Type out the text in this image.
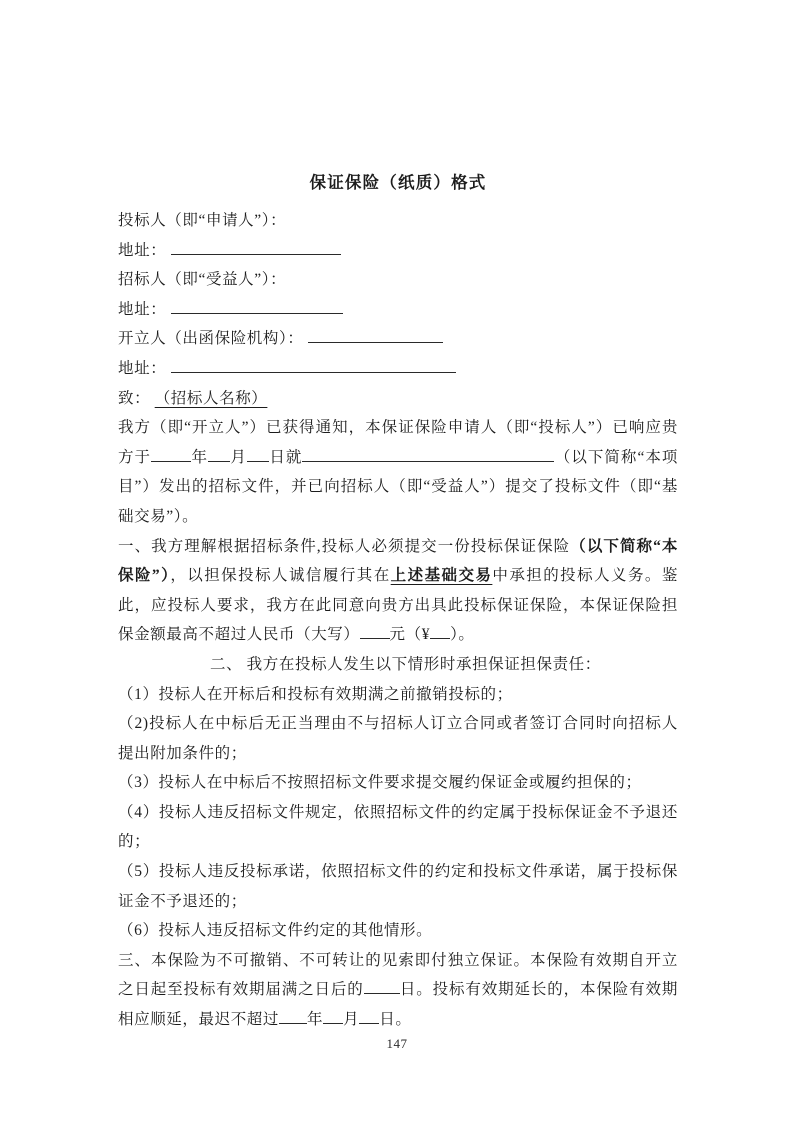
保证保险（纸质）格式

投标人（即“申请人”）：

地址：

招标人（即“受益人”）：

地址：

开立人（出函保险机构）：

地址：

致： （招标人名称）

我方（即“开立人”）已获得通知，本保证保险申请人（即“投标人”）已响应贵方于	年 月 日就	（以下简称“本项目”）发出的招标文件，并已向招标人（即“受益人”）提交了投标文件（即“基础交易”）。

一、我方理解根据招标条件,投标人必须提交一份投标保证保险（以下简称“本保险”），以担保投标人诚信履行其在上述基础交易中承担的投标人义务。鉴此，应投标人要求，我方在此同意向贵方出具此投标保证保险，本保证保险担保金额最高不超过人民币（大写） 元（¥ ）。

二、 我方在投标人发生以下情形时承担保证担保责任：

（1）投标人在开标后和投标有效期满之前撤销投标的；

（2)投标人在中标后无正当理由不与招标人订立合同或者签订合同时向招标人提出附加条件的；

（3）投标人在中标后不按照招标文件要求提交履约保证金或履约担保的；

（4）投标人违反招标文件规定，依照招标文件的约定属于投标保证金不予退还的；

（5）投标人违反投标承诺，依照招标文件的约定和投标文件承诺，属于投标保证金不予退还的；

（6）投标人违反招标文件约定的其他情形。

三、本保险为不可撤销、不可转让的见索即付独立保证。本保险有效期自开立之日起至投标有效期届满之日后的 日。投标有效期延长的，本保险有效期相应顺延，最迟不超过 年 月 日。

147
